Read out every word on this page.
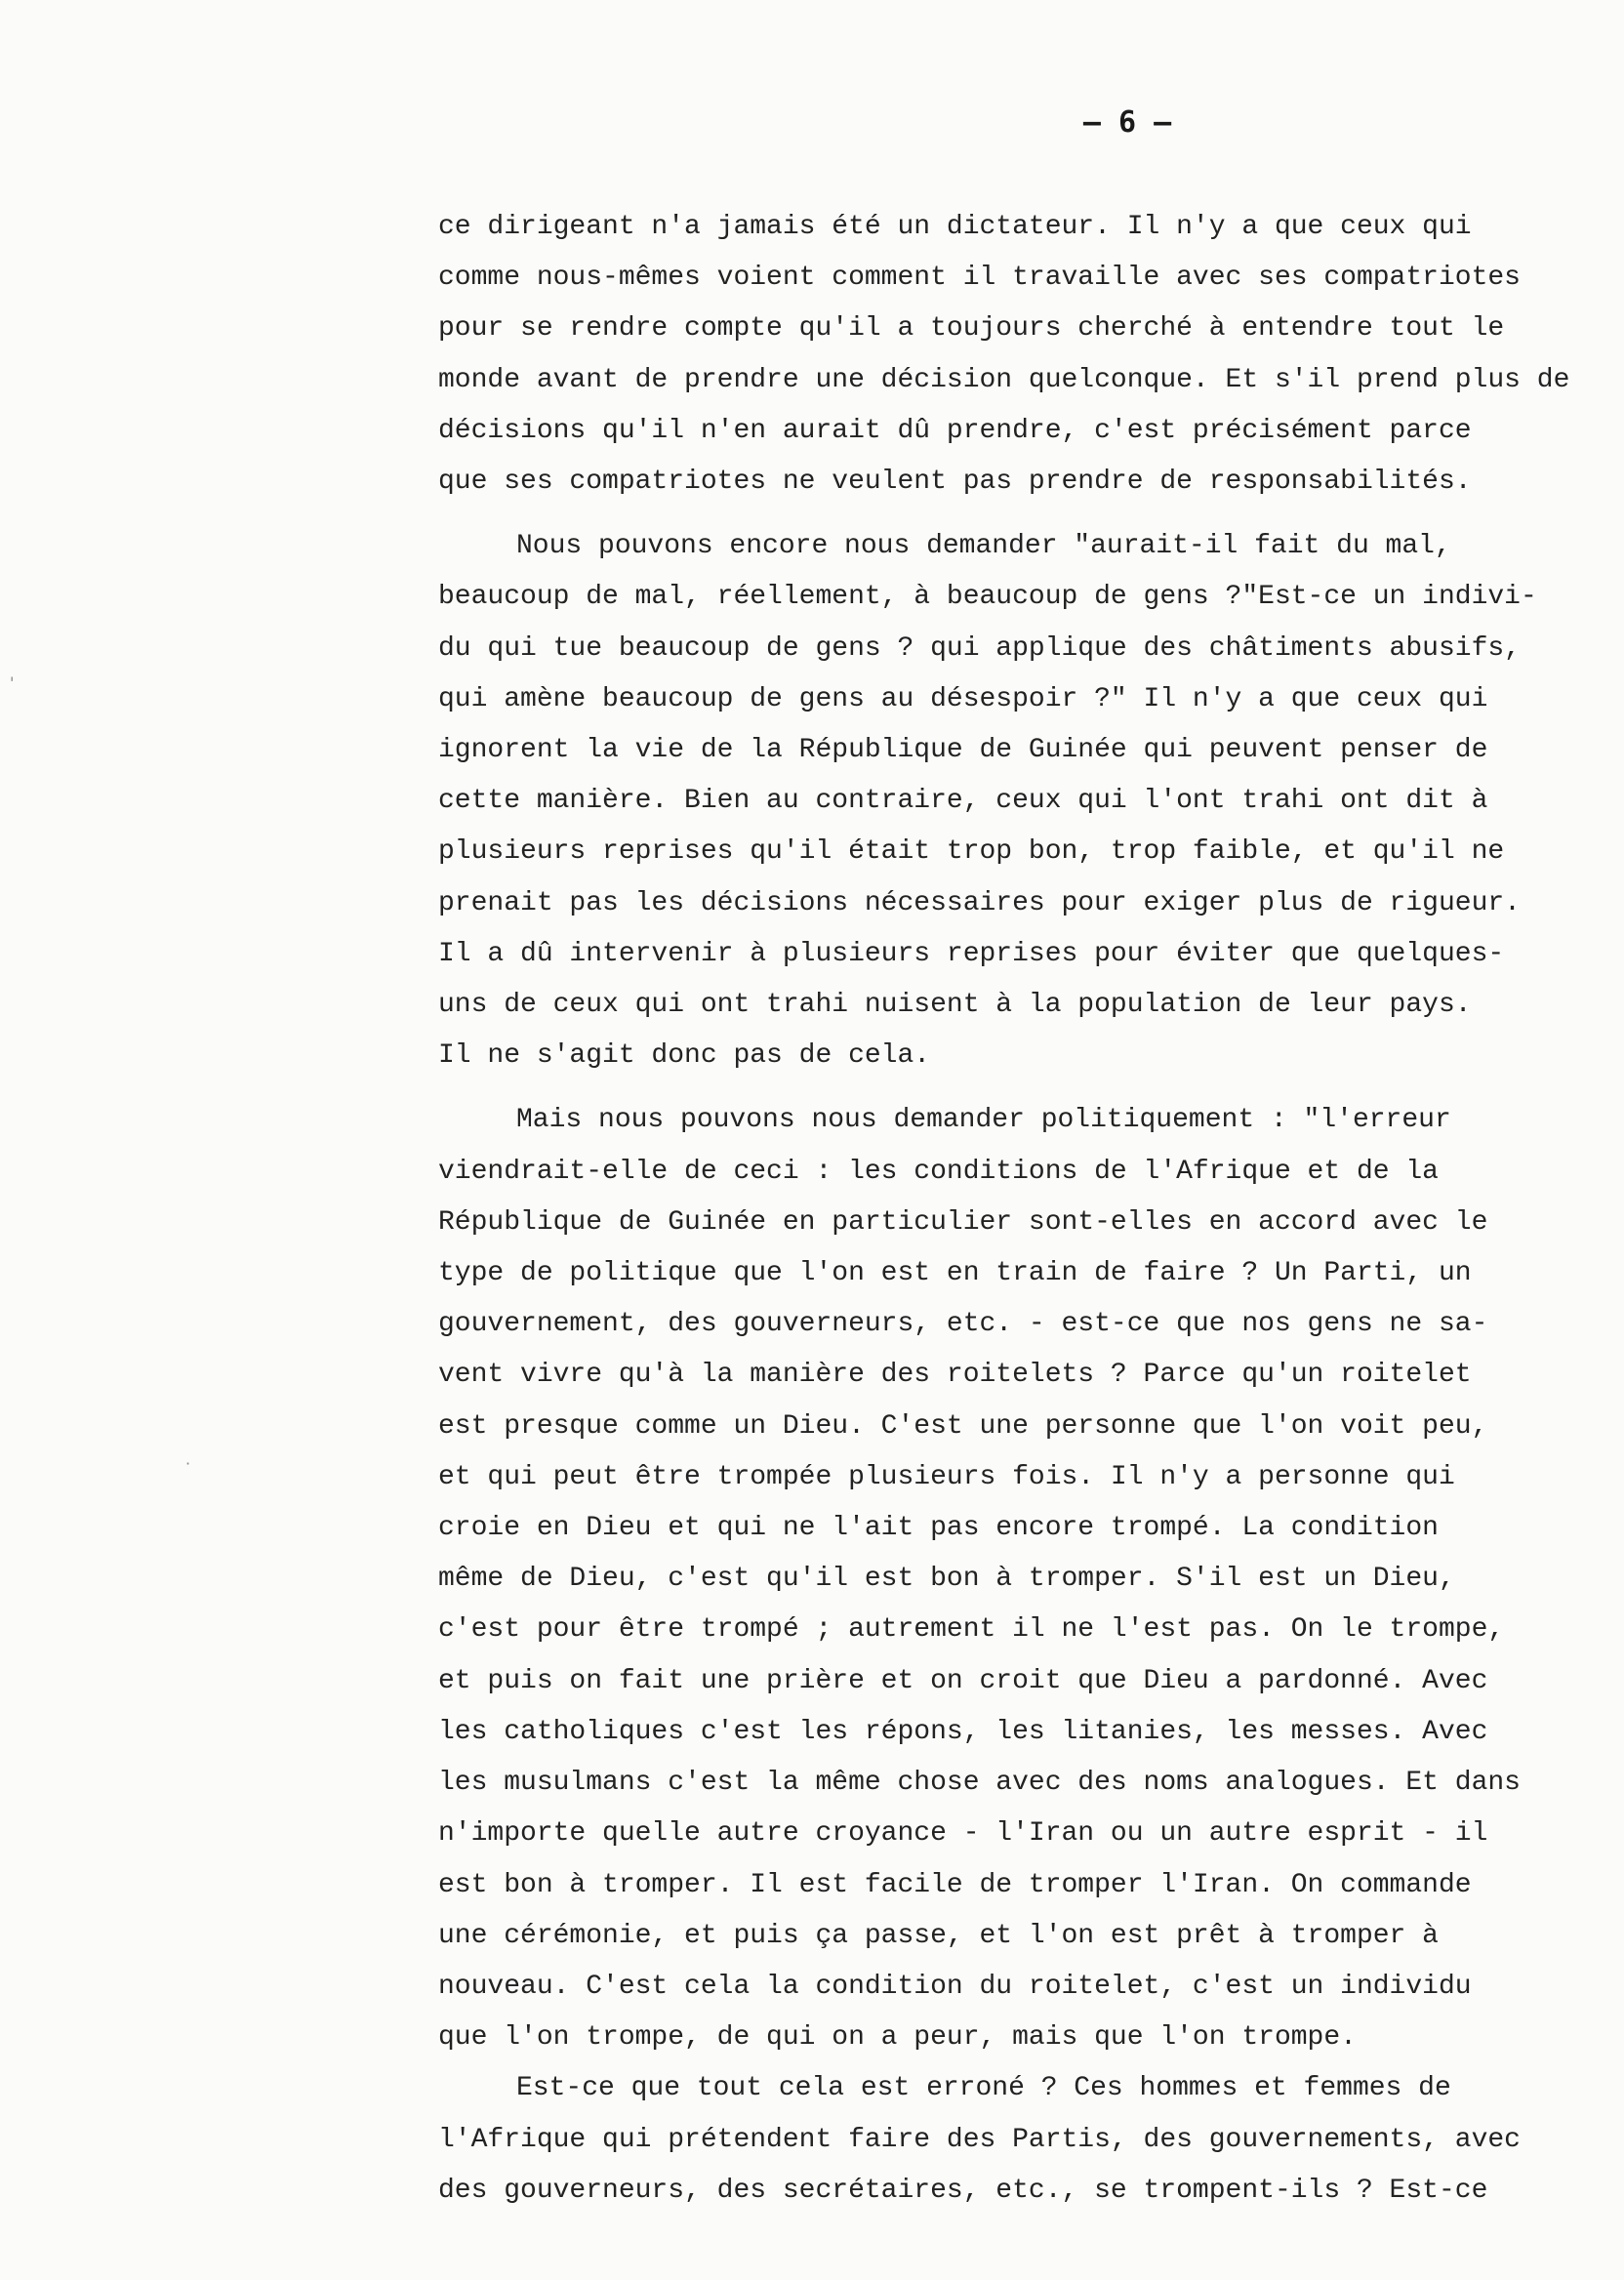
– 6 –
ce dirigeant n'a jamais été un dictateur. Il n'y a que ceux qui
comme nous-mêmes voient comment il travaille avec ses compatriotes
pour se rendre compte qu'il a toujours cherché à entendre tout le
monde avant de prendre une décision quelconque. Et s'il prend plus de
décisions qu'il n'en aurait dû prendre, c'est précisément parce
que ses compatriotes ne veulent pas prendre de responsabilités.
Nous pouvons encore nous demander "aurait-il fait du mal,
beaucoup de mal, réellement, à beaucoup de gens ?"Est-ce un indivi-
du qui tue beaucoup de gens ? qui applique des châtiments abusifs,
qui amène beaucoup de gens au désespoir ?" Il n'y a que ceux qui
ignorent la vie de la République de Guinée qui peuvent penser de
cette manière. Bien au contraire, ceux qui l'ont trahi ont dit à
plusieurs reprises qu'il était trop bon, trop faible, et qu'il ne
prenait pas les décisions nécessaires pour exiger plus de rigueur.
Il a dû intervenir à plusieurs reprises pour éviter que quelques-
uns de ceux qui ont trahi nuisent à la population de leur pays.
Il ne s'agit donc pas de cela.
Mais nous pouvons nous demander politiquement : "l'erreur
viendrait-elle de ceci : les conditions de l'Afrique et de la
République de Guinée en particulier sont-elles en accord avec le
type de politique que l'on est en train de faire ? Un Parti, un
gouvernement, des gouverneurs, etc. - est-ce que nos gens ne sa-
vent vivre qu'à la manière des roitelets ? Parce qu'un roitelet
est presque comme un Dieu. C'est une personne que l'on voit peu,
et qui peut être trompée plusieurs fois. Il n'y a personne qui
croie en Dieu et qui ne l'ait pas encore trompé. La condition
même de Dieu, c'est qu'il est bon à tromper. S'il est un Dieu,
c'est pour être trompé ; autrement il ne l'est pas. On le trompe,
et puis on fait une prière et on croit que Dieu a pardonné. Avec
les catholiques c'est les répons, les litanies, les messes. Avec
les musulmans c'est la même chose avec des noms analogues. Et dans
n'importe quelle autre croyance - l'Iran ou un autre esprit - il
est bon à tromper. Il est facile de tromper l'Iran. On commande
une cérémonie, et puis ça passe, et l'on est prêt à tromper à
nouveau. C'est cela la condition du roitelet, c'est un individu
que l'on trompe, de qui on a peur, mais que l'on trompe.
Est-ce que tout cela est erroné ? Ces hommes et femmes de
l'Afrique qui prétendent faire des Partis, des gouvernements, avec
des gouverneurs, des secrétaires, etc., se trompent-ils ? Est-ce
'
·
